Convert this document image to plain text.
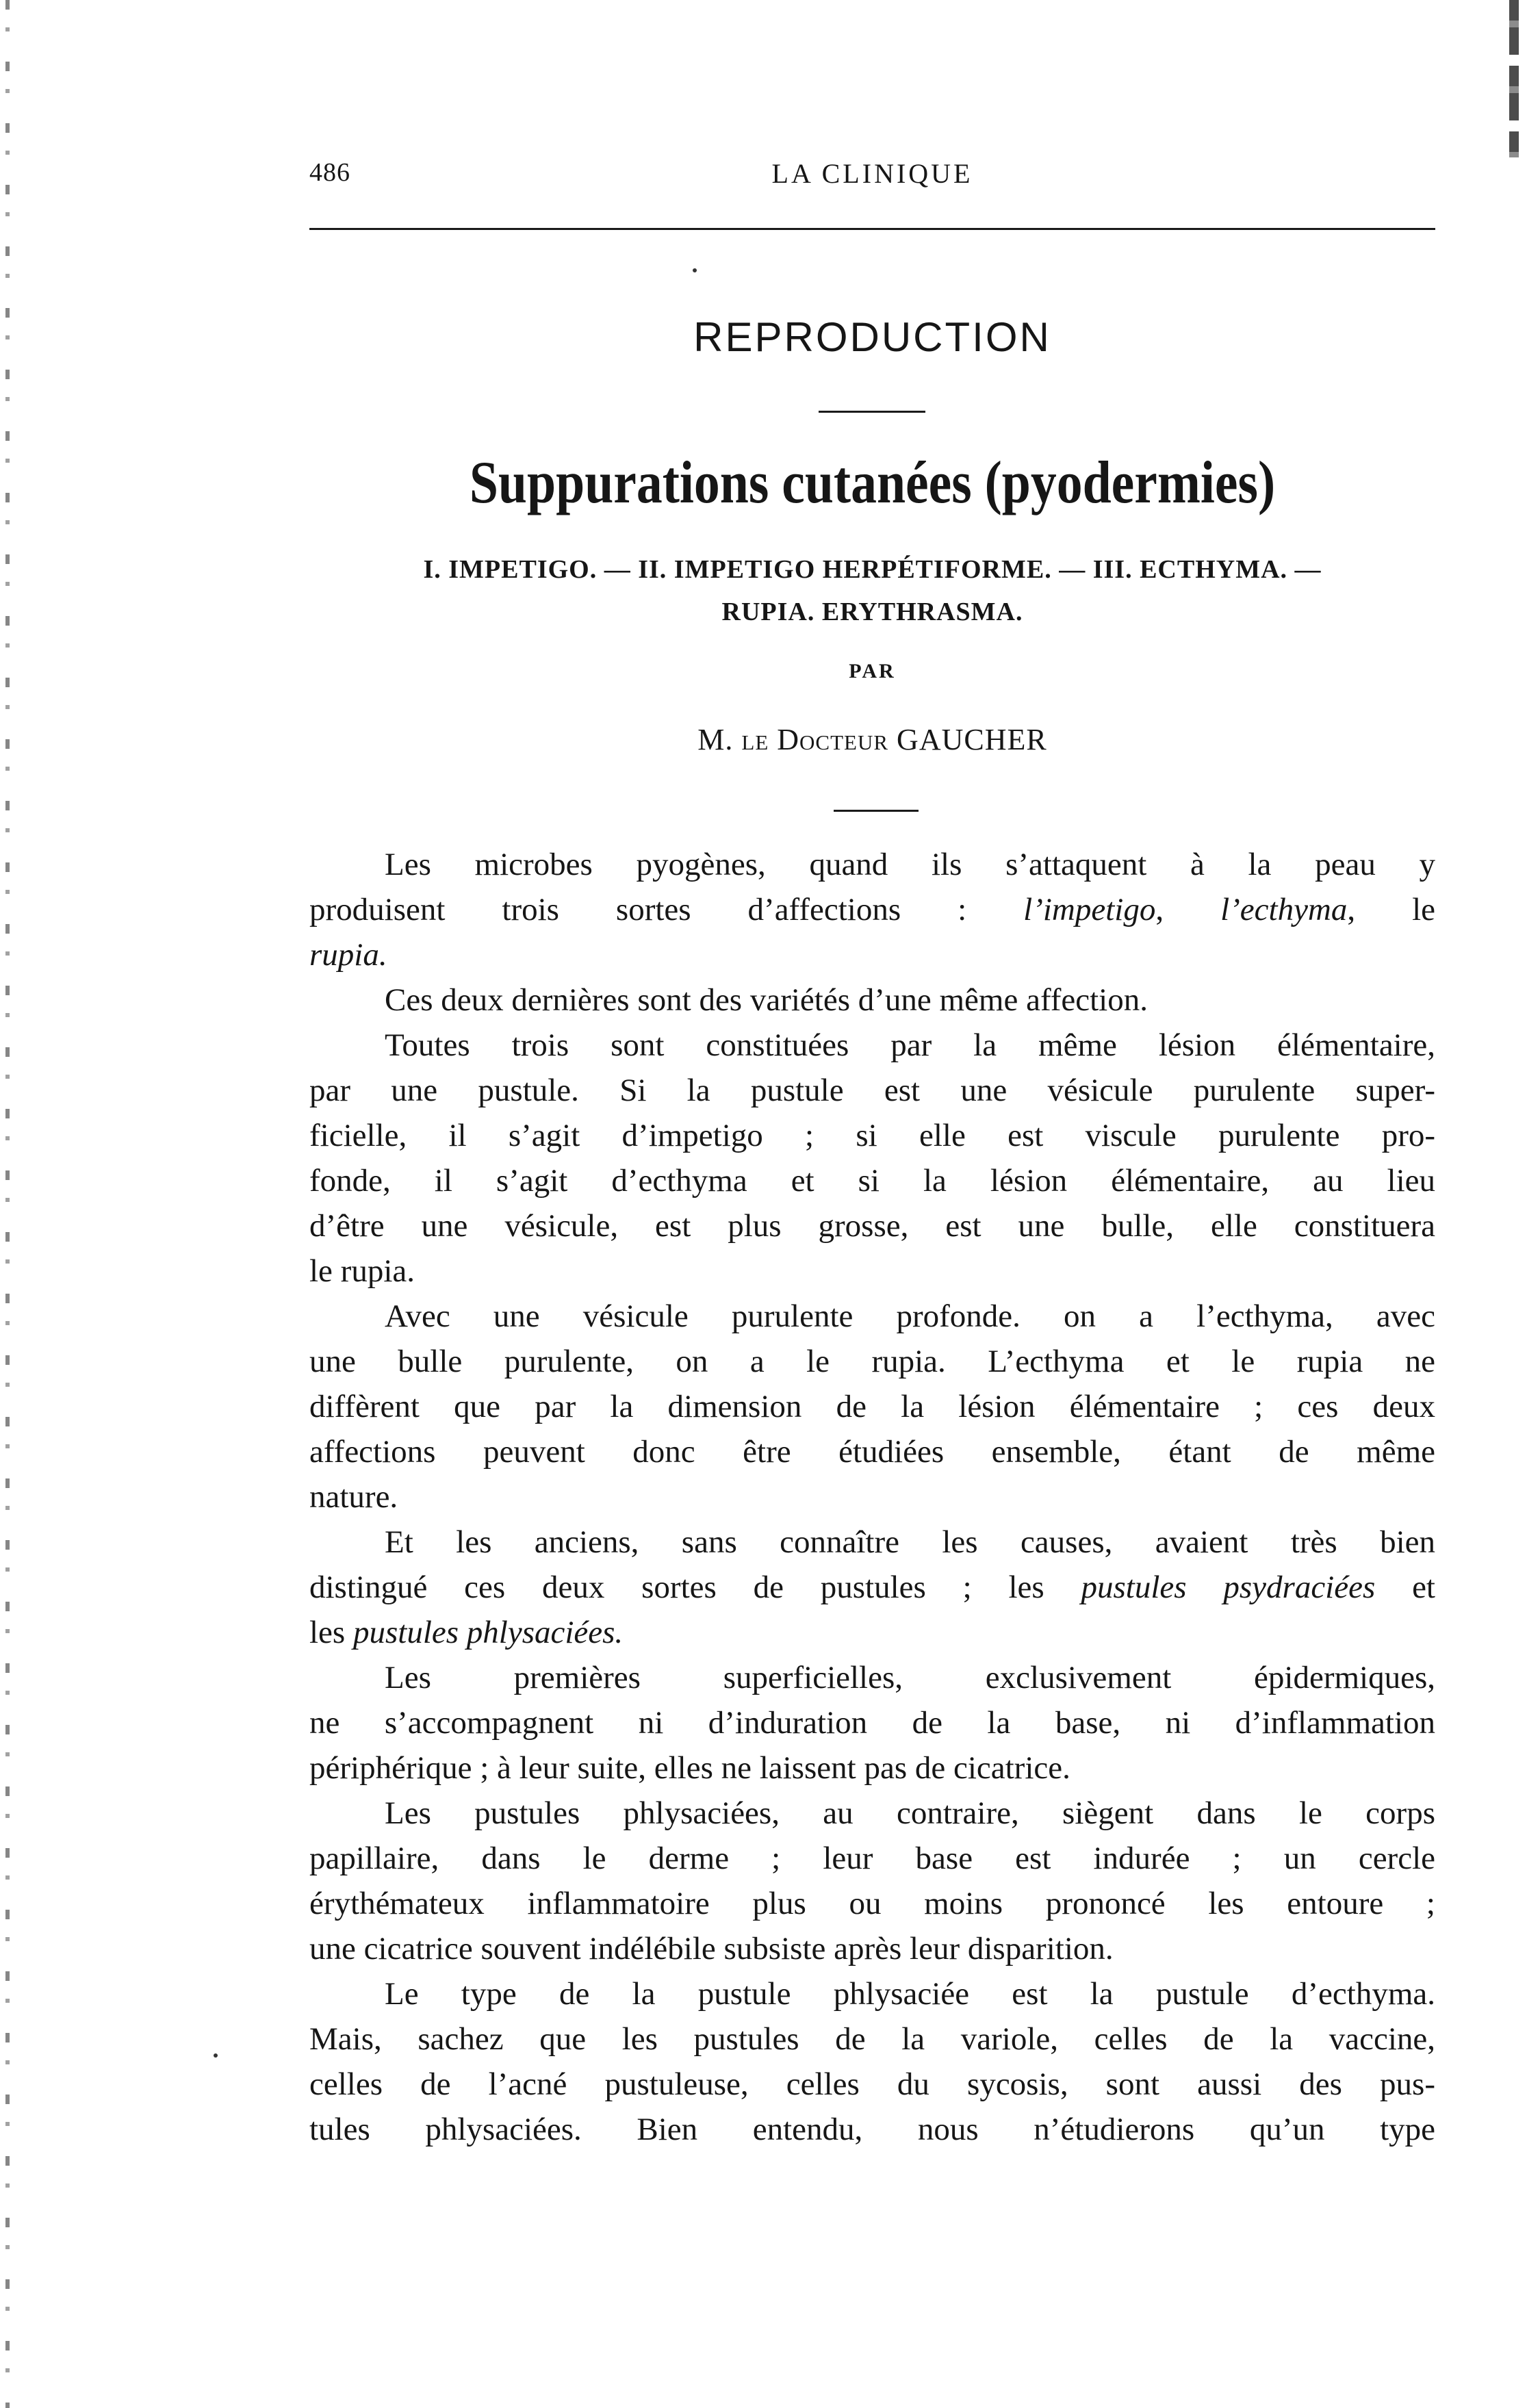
486	LA CLINIQUE
REPRODUCTION
Suppurations cutanées (pyodermies)
I. IMPETIGO. — II. IMPETIGO HERPÉTIFORME. — III. ECTHYMA. —
RUPIA. ERYTHRASMA.
PAR
M. le Docteur GAUCHER
Les microbes pyogènes, quand ils s’attaquent à la peau y
produisent trois sortes d’affections : l’impetigo, l’ecthyma, le
rupia.
Ces deux dernières sont des variétés d’une même affection.
Toutes trois sont constituées par la même lésion élémentaire,
par une pustule. Si la pustule est une vésicule purulente super-
ficielle, il s’agit d’impetigo ; si elle est viscule purulente pro-
fonde, il s’agit d’ecthyma et si la lésion élémentaire, au lieu
d’être une vésicule, est plus grosse, est une bulle, elle constituera
le rupia.
Avec une vésicule purulente profonde. on a l’ecthyma, avec
une bulle purulente, on a le rupia. L’ecthyma et le rupia ne
diffèrent que par la dimension de la lésion élémentaire ; ces deux
affections peuvent donc être étudiées ensemble, étant de même
nature.
Et les anciens, sans connaître les causes, avaient très bien
distingué ces deux sortes de pustules ; les pustules psydraciées et
les pustules phlysaciées.
Les premières superficielles, exclusivement épidermiques,
ne s’accompagnent ni d’induration de la base, ni d’inflammation
périphérique ; à leur suite, elles ne laissent pas de cicatrice.
Les pustules phlysaciées, au contraire, siègent dans le corps
papillaire, dans le derme ; leur base est indurée ; un cercle
érythémateux inflammatoire plus ou moins prononcé les entoure ;
une cicatrice souvent indélébile subsiste après leur disparition.
Le type de la pustule phlysaciée est la pustule d’ecthyma.
Mais, sachez que les pustules de la variole, celles de la vaccine,
celles de l’acné pustuleuse, celles du sycosis, sont aussi des pus-
tules phlysaciées. Bien entendu, nous n’étudierons qu’un type
